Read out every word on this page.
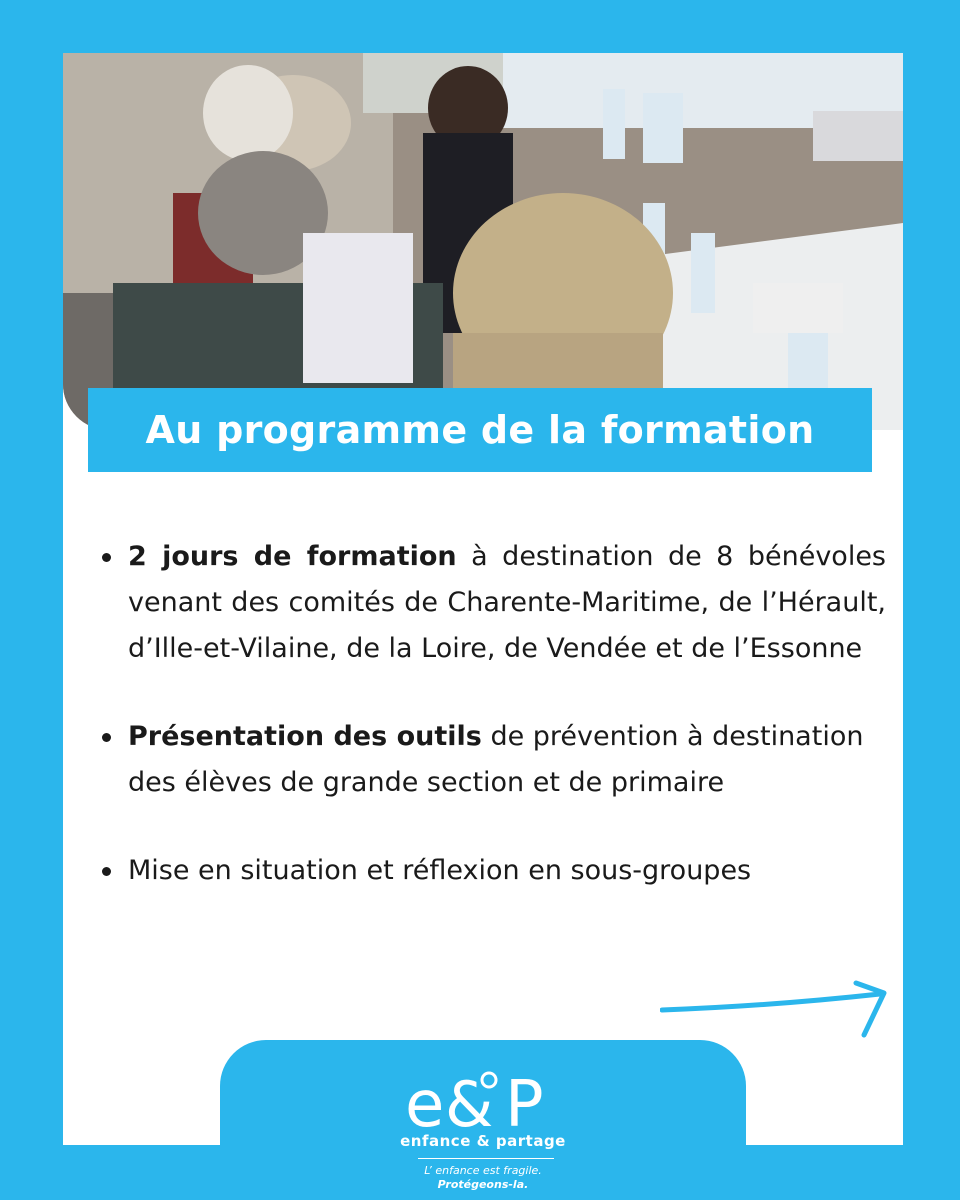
Au programme de la formation
2 jours de formation à destination de 8 bénévoles venant des comités de Charente-Maritime, de l’Hérault, d’Ille-et-Vilaine, de la Loire, de Vendée et de l’Essonne
Présentation des outils de prévention à destination des élèves de grande section et de primaire
Mise en situation et réflexion en sous-groupes
e & P
enfance & partage
L’ enfance est fragile.
Protégeons-la.
